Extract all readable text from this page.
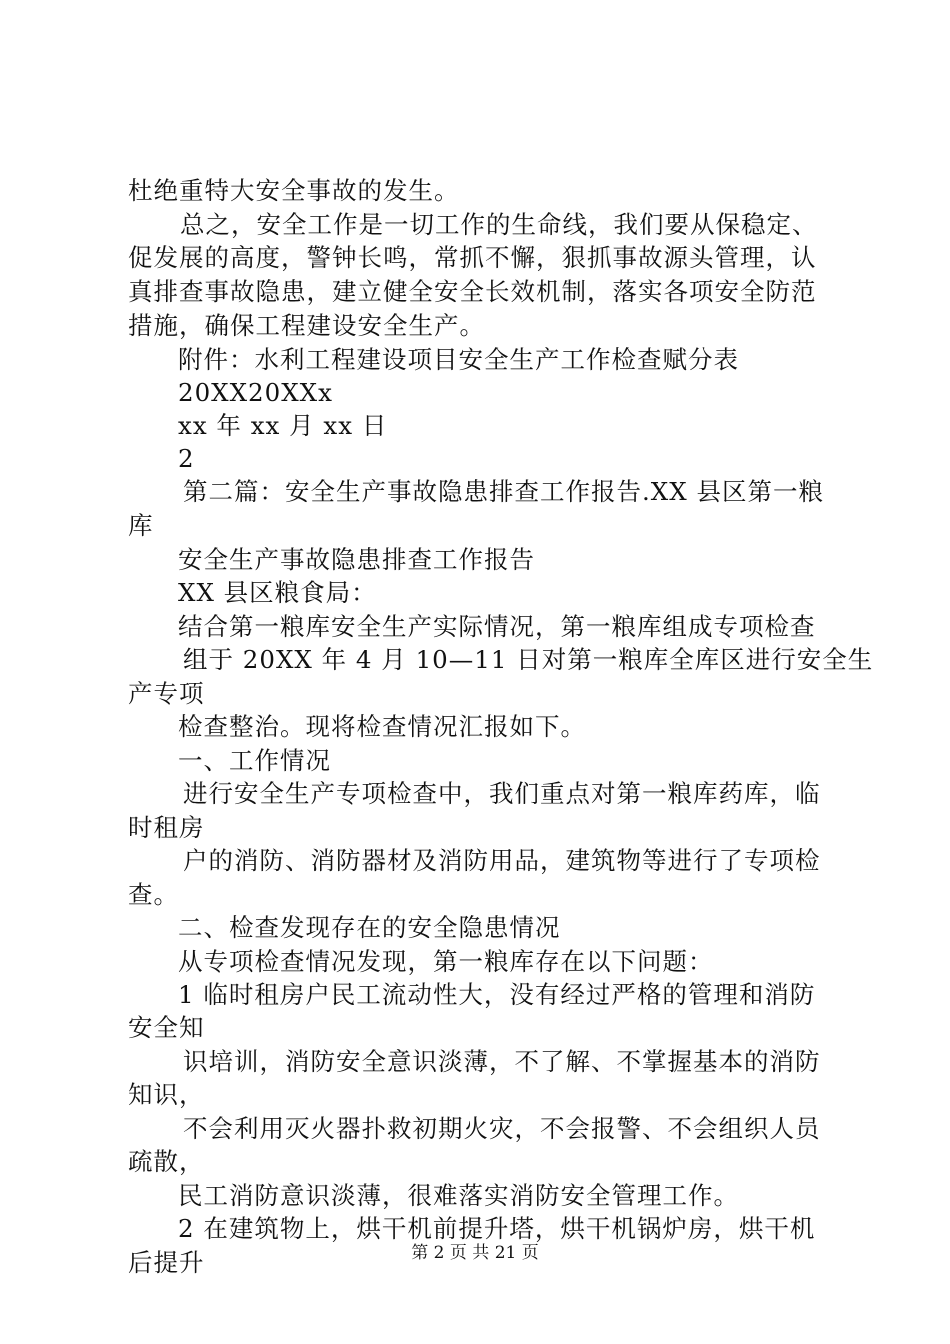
杜绝重特大安全事故的发生。
总之，安全工作是一切工作的生命线，我们要从保稳定、
促发展的高度，警钟长鸣，常抓不懈，狠抓事故源头管理，认
真排查事故隐患，建立健全安全长效机制，落实各项安全防范
措施，确保工程建设安全生产。
附件：水利工程建设项目安全生产工作检查赋分表
20XX20XXx
xx 年 xx 月 xx 日
2
第二篇：安全生产事故隐患排查工作报告.XX 县区第一粮
库
安全生产事故隐患排查工作报告
XX 县区粮食局：
结合第一粮库安全生产实际情况，第一粮库组成专项检查
组于 20XX 年 4 月 10—11 日对第一粮库全库区进行安全生
产专项
检查整治。现将检查情况汇报如下。
一、工作情况
进行安全生产专项检查中，我们重点对第一粮库药库，临
时租房
户的消防、消防器材及消防用品，建筑物等进行了专项检
查。
二、检查发现存在的安全隐患情况
从专项检查情况发现，第一粮库存在以下问题：
1 临时租房户民工流动性大，没有经过严格的管理和消防
安全知
识培训，消防安全意识淡薄，不了解、不掌握基本的消防
知识，
不会利用灭火器扑救初期火灾，不会报警、不会组织人员
疏散，
民工消防意识淡薄，很难落实消防安全管理工作。
2 在建筑物上，烘干机前提升塔，烘干机锅炉房，烘干机
后提升	第 2 页 共 21 页
